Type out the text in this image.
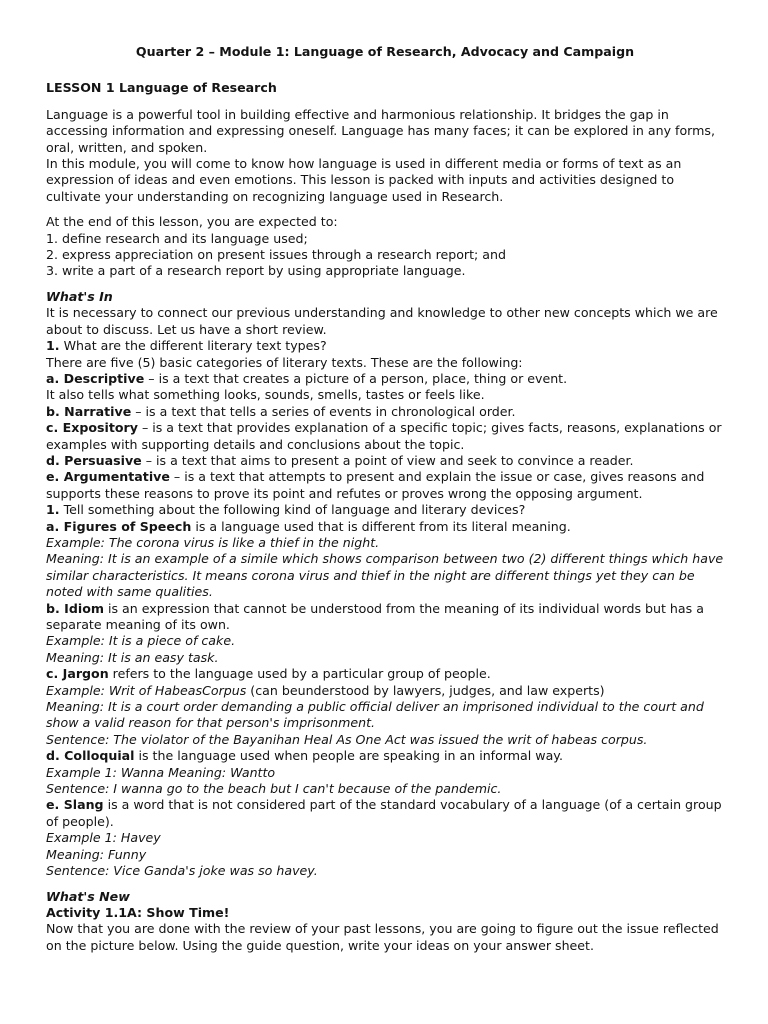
Quarter 2 – Module 1: Language of Research, Advocacy and Campaign

LESSON 1 Language of Research

Language is a powerful tool in building effective and harmonious relationship. It bridges the gap in accessing information and expressing oneself. Language has many faces; it can be explored in any forms, oral, written, and spoken.

In this module, you will come to know how language is used in different media or forms of text as an expression of ideas and even emotions. This lesson is packed with inputs and activities designed to cultivate your understanding on recognizing language used in Research.

At the end of this lesson, you are expected to:

1. define research and its language used;

2. express appreciation on present issues through a research report; and

3. write a part of a research report by using appropriate language.

What's In

It is necessary to connect our previous understanding and knowledge to other new concepts which we are about to discuss. Let us have a short review.

1. What are the different literary text types?

There are five (5) basic categories of literary texts. These are the following:

a. Descriptive – is a text that creates a picture of a person, place, thing or event.

It also tells what something looks, sounds, smells, tastes or feels like.

b. Narrative – is a text that tells a series of events in chronological order.

c. Expository – is a text that provides explanation of a specific topic; gives facts, reasons, explanations or examples with supporting details and conclusions about the topic.

d. Persuasive – is a text that aims to present a point of view and seek to convince a reader.

e. Argumentative – is a text that attempts to present and explain the issue or case, gives reasons and supports these reasons to prove its point and refutes or proves wrong the opposing argument.

1. Tell something about the following kind of language and literary devices?

a. Figures of Speech is a language used that is different from its literal meaning.

Example: The corona virus is like a thief in the night.

Meaning: It is an example of a simile which shows comparison between two (2) different things which have similar characteristics. It means corona virus and thief in the night are different things yet they can be noted with same qualities.

b. Idiom is an expression that cannot be understood from the meaning of its individual words but has a separate meaning of its own.

Example: It is a piece of cake.

Meaning: It is an easy task.

c. Jargon refers to the language used by a particular group of people.

Example: Writ of HabeasCorpus (can beunderstood by lawyers, judges, and law experts)

Meaning: It is a court order demanding a public official deliver an imprisoned individual to the court and show a valid reason for that person's imprisonment.

Sentence: The violator of the Bayanihan Heal As One Act was issued the writ of habeas corpus.

d. Colloquial is the language used when people are speaking in an informal way.

Example 1: Wanna Meaning: Wantto

Sentence: I wanna go to the beach but I can't because of the pandemic.

e. Slang is a word that is not considered part of the standard vocabulary of a language (of a certain group of people).

Example 1: Havey

Meaning: Funny

Sentence: Vice Ganda's joke was so havey.

What's New

Activity 1.1A: Show Time!

Now that you are done with the review of your past lessons, you are going to figure out the issue reflected on the picture below. Using the guide question, write your ideas on your answer sheet.
